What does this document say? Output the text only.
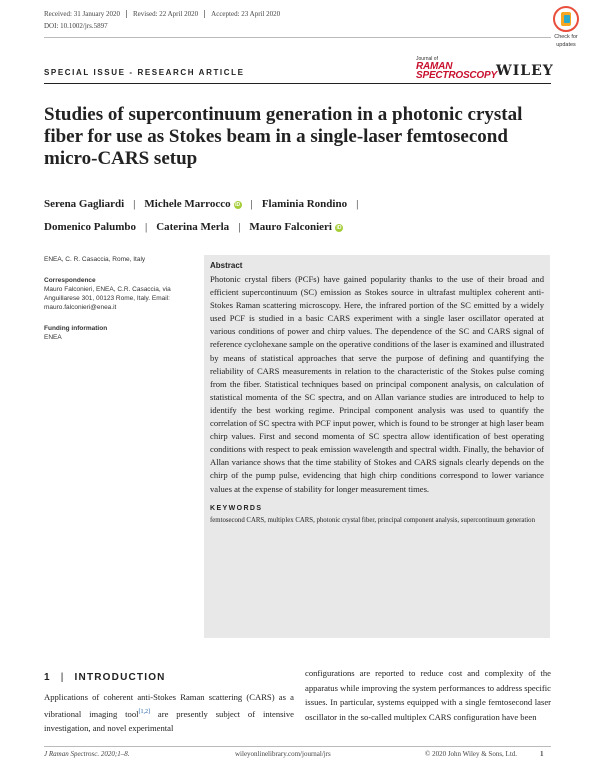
Received: 31 January 2020 Revised: 22 April 2020 Accepted: 23 April 2020
DOI: 10.1002/jrs.5897
Check for
updates
SPECIAL ISSUE - RESEARCH ARTICLE
Journal of
RAMAN
SPECTROSCOPY WILEY
Studies of supercontinuum generation in a photonic crystal fiber for use as Stokes beam in a single-laser femtosecond micro-CARS setup
Serena Gagliardi | Michele Marrocco iD | Flaminia Rondino |
Domenico Palumbo | Caterina Merla | Mauro Falconieri iD
ENEA, C. R. Casaccia, Rome, Italy
Correspondence
Mauro Falconieri, ENEA, C.R. Casaccia, via Anguillarese 301, 00123 Rome, Italy. Email: mauro.falconieri@enea.it
Funding information
ENEA
Abstract
Photonic crystal fibers (PCFs) have gained popularity thanks to the use of their broad and efficient supercontinuum (SC) emission as Stokes source in ultrafast multiplex coherent anti-Stokes Raman scattering microscopy. Here, the infrared portion of the SC emitted by a widely used PCF is studied in a basic CARS experiment with a single laser oscillator operated at various conditions of power and chirp values. The dependence of the SC and CARS signal of reference cyclohexane sample on the operative conditions of the laser is examined and illustrated by means of statistical approaches that serve the purpose of defining and quantifying the reliability of CARS measurements in relation to the characteristic of the Stokes pulse coming from the fiber. Statistical techniques based on principal component analysis, on calculation of statistical momenta of the SC spectra, and on Allan variance studies are introduced to help to identify the best working regime. Principal component analysis was used to quantify the correlation of SC spectra with PCF input power, which is found to be stronger at high laser beam chirp values. First and second momenta of SC spectra allow identification of best operating conditions with respect to peak emission wavelength and spectral width. Finally, the behavior of Allan variance shows that the time stability of Stokes and CARS signals clearly depends on the chirp of the pump pulse, evidencing that high chirp conditions correspond to lower variance values at the expense of stability for longer measurement times.
KEYWORDS
femtosecond CARS, multiplex CARS, photonic crystal fiber, principal component analysis, supercontinuum generation
1 | INTRODUCTION
Applications of coherent anti-Stokes Raman scattering (CARS) as a vibrational imaging tool[1,2] are presently subject of intensive investigation, and novel experimental
configurations are reported to reduce cost and complexity of the apparatus while improving the system performances to address specific issues. In particular, systems equipped with a single femtosecond laser oscillator in the so-called multiplex CARS configuration have been
J Raman Spectrosc. 2020;1–8.	wileyonlinelibrary.com/journal/jrs	© 2020 John Wiley & Sons, Ltd.	1
